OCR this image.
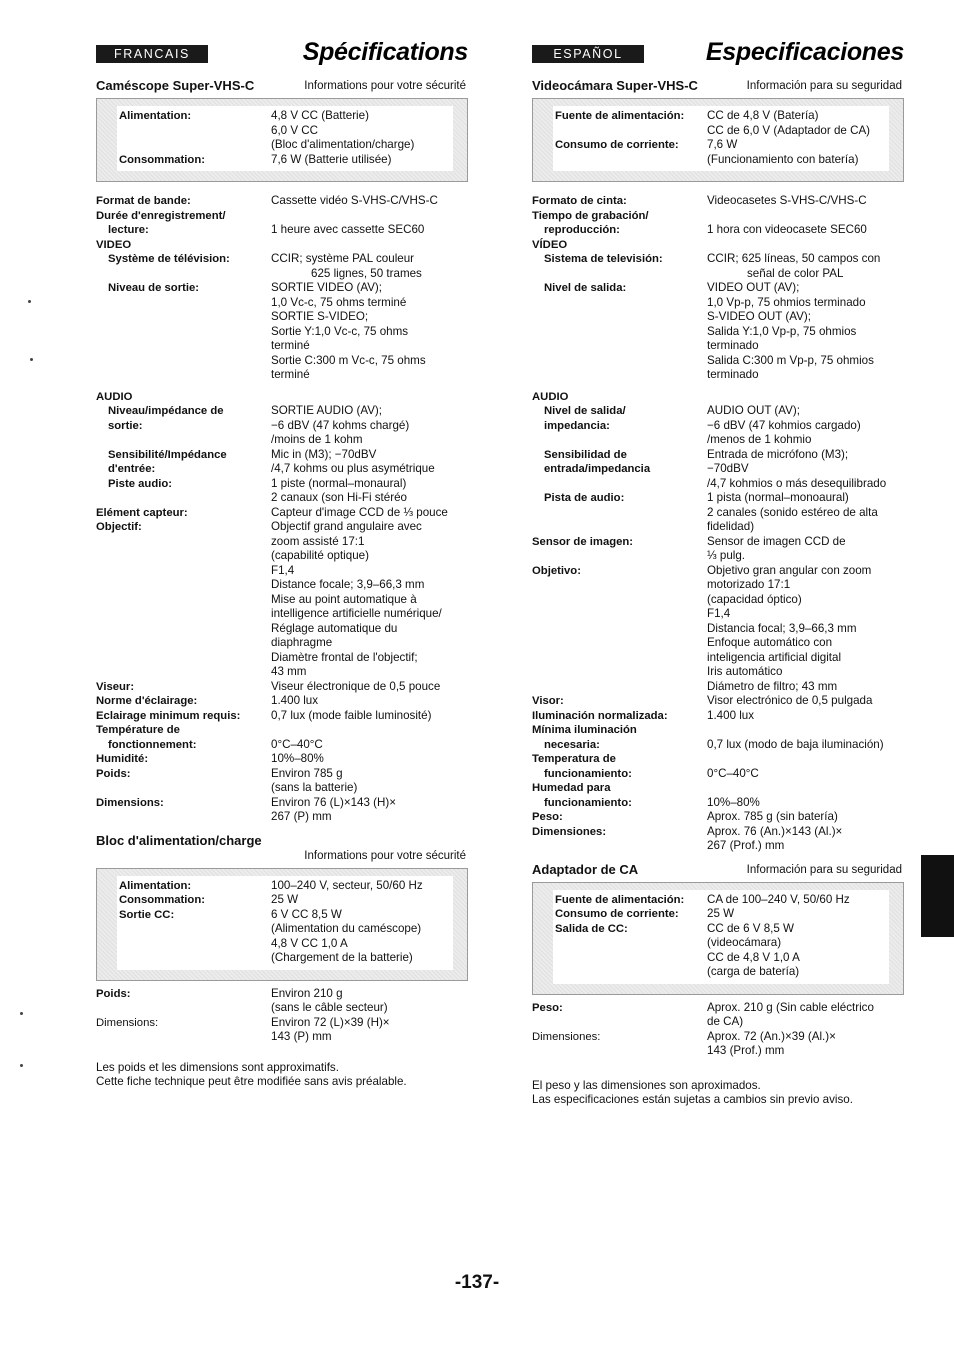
FRANCAIS	Spécifications
Caméscope Super-VHS-C	Informations pour votre sécurité
Alimentation:	4,8 V CC (Batterie)
6,0 V CC
(Bloc d'alimentation/charge)
Consommation:	7,6 W (Batterie utilisée)
Format de bande:	Cassette vidéo S-VHS-C/VHS-C
Durée d'enregistrement/
lecture:	1 heure avec cassette SEC60
VIDEO
Système de télévision:	CCIR; système PAL couleur
625 lignes, 50 trames
Niveau de sortie:	SORTIE VIDEO (AV);
1,0 Vc-c, 75 ohms terminé
SORTIE S-VIDEO;
Sortie Y:1,0 Vc-c, 75 ohms
terminé
Sortie C:300 m Vc-c, 75 ohms
terminé
AUDIO
Niveau/impédance de	SORTIE AUDIO (AV);
sortie:	−6 dBV (47 kohms chargé)
/moins de 1 kohm
Sensibilité/Impédance	Mic in (M3); −70dBV
d'entrée:	/4,7 kohms ou plus asymétrique
Piste audio:	1 piste (normal–monaural)
2 canaux (son Hi-Fi stéréo
Elément capteur:	Capteur d'image CCD de ⅓ pouce
Objectif:	Objectif grand angulaire avec
zoom assisté 17:1
(capabilité optique)
F1,4
Distance focale; 3,9–66,3 mm
Mise au point automatique à
intelligence artificielle numérique/
Réglage automatique du
diaphragme
Diamètre frontal de l'objectif;
43 mm
Viseur:	Viseur électronique de 0,5 pouce
Norme d'éclairage:	1.400 lux
Eclairage minimum requis:	0,7 lux (mode faible luminosité)
Température de
fonctionnement:	0°C–40°C
Humidité:	10%–80%
Poids:	Environ 785 g
(sans la batterie)
Dimensions:	Environ 76 (L)×143 (H)×
267 (P) mm
Bloc d'alimentation/charge
Informations pour votre sécurité
Alimentation:	100–240 V, secteur, 50/60 Hz
Consommation:	25 W
Sortie CC:	6 V CC 8,5 W
(Alimentation du caméscope)
4,8 V CC 1,0 A
(Chargement de la batterie)
Poids:	Environ 210 g
(sans le câble secteur)
Dimensions:	Environ 72 (L)×39 (H)×
143 (P) mm
Les poids et les dimensions sont approximatifs.
Cette fiche technique peut être modifiée sans avis préalable.
ESPAÑOL	Especificaciones
Videocámara Super-VHS-C	Información para su seguridad
Fuente de alimentación:	CC de 4,8 V (Batería)
CC de 6,0 V (Adaptador de CA)
Consumo de corriente:	7,6 W
(Funcionamiento con batería)
Formato de cinta:	Videocasetes S-VHS-C/VHS-C
Tiempo de grabación/
reproducción:	1 hora con videocasete SEC60
VÍDEO
Sistema de televisión:	CCIR; 625 líneas, 50 campos con
señal de color PAL
Nivel de salida:	VIDEO OUT (AV);
1,0 Vp-p, 75 ohmios terminado
S-VIDEO OUT (AV);
Salida Y:1,0 Vp-p, 75 ohmios
terminado
Salida C:300 m Vp-p, 75 ohmios
terminado
AUDIO
Nivel de salida/	AUDIO OUT (AV);
impedancia:	−6 dBV (47 kohmios cargado)
/menos de 1 kohmio
Sensibilidad de	Entrada de micrófono (M3);
entrada/impedancia	−70dBV
/4,7 kohmios o más desequilibrado
Pista de audio:	1 pista (normal–monoaural)
2 canales (sonido estéreo de alta
fidelidad)
Sensor de imagen:	Sensor de imagen CCD de
⅓ pulg.
Objetivo:	Objetivo gran angular con zoom
motorizado 17:1
(capacidad óptico)
F1,4
Distancia focal; 3,9–66,3 mm
Enfoque automático con
inteligencia artificial digital
Iris automático
Diámetro de filtro; 43 mm
Visor:	Visor electrónico de 0,5 pulgada
Iluminación normalizada:	1.400 lux
Mínima iluminación
necesaria:	0,7 lux (modo de baja iluminación)
Temperatura de
funcionamiento:	0°C–40°C
Humedad para
funcionamiento:	10%–80%
Peso:	Aprox. 785 g (sin batería)
Dimensiones:	Aprox. 76 (An.)×143 (Al.)×
267 (Prof.) mm
Adaptador de CA	Información para su seguridad
Fuente de alimentación:	CA de 100–240 V, 50/60 Hz
Consumo de corriente:	25 W
Salida de CC:	CC de 6 V 8,5 W
(videocámara)
CC de 4,8 V 1,0 A
(carga de batería)
Peso:	Aprox. 210 g (Sin cable eléctrico
de CA)
Dimensiones:	Aprox. 72 (An.)×39 (Al.)×
143 (Prof.) mm
El peso y las dimensiones son aproximados.
Las especificaciones están sujetas a cambios sin previo aviso.
-137-
